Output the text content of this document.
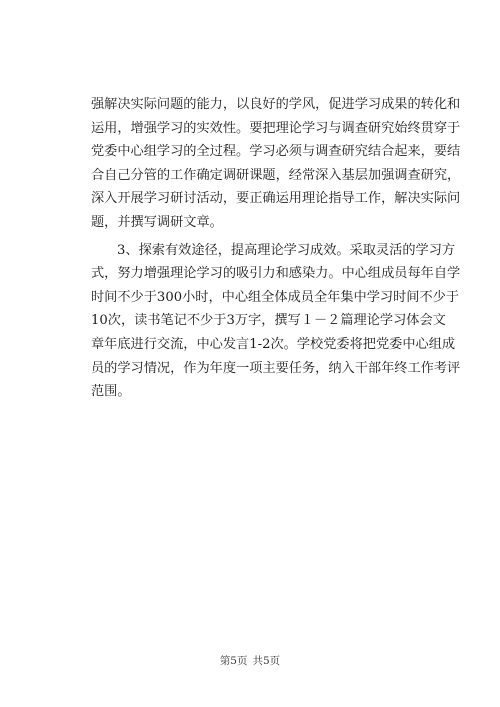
强解决实际问题的能力，以良好的学风，促进学习成果的转化和
运用，增强学习的实效性。要把理论学习与调查研究始终贯穿于
党委中心组学习的全过程。学习必须与调查研究结合起来，要结
合自己分管的工作确定调研课题，经常深入基层加强调查研究，
深入开展学习研讨活动，要正确运用理论指导工作，解决实际问
题，并撰写调研文章。
3、探索有效途径，提高理论学习成效。采取灵活的学习方
式，努力增强理论学习的吸引力和感染力。中心组成员每年自学
时间不少于300小时，中心组全体成员全年集中学习时间不少于
10次，读书笔记不少于3万字，撰写１－２篇理论学习体会文
章年底进行交流，中心发言1-2次。学校党委将把党委中心组成
员的学习情况，作为年度一项主要任务，纳入干部年终工作考评
范围。
第5页 共5页
